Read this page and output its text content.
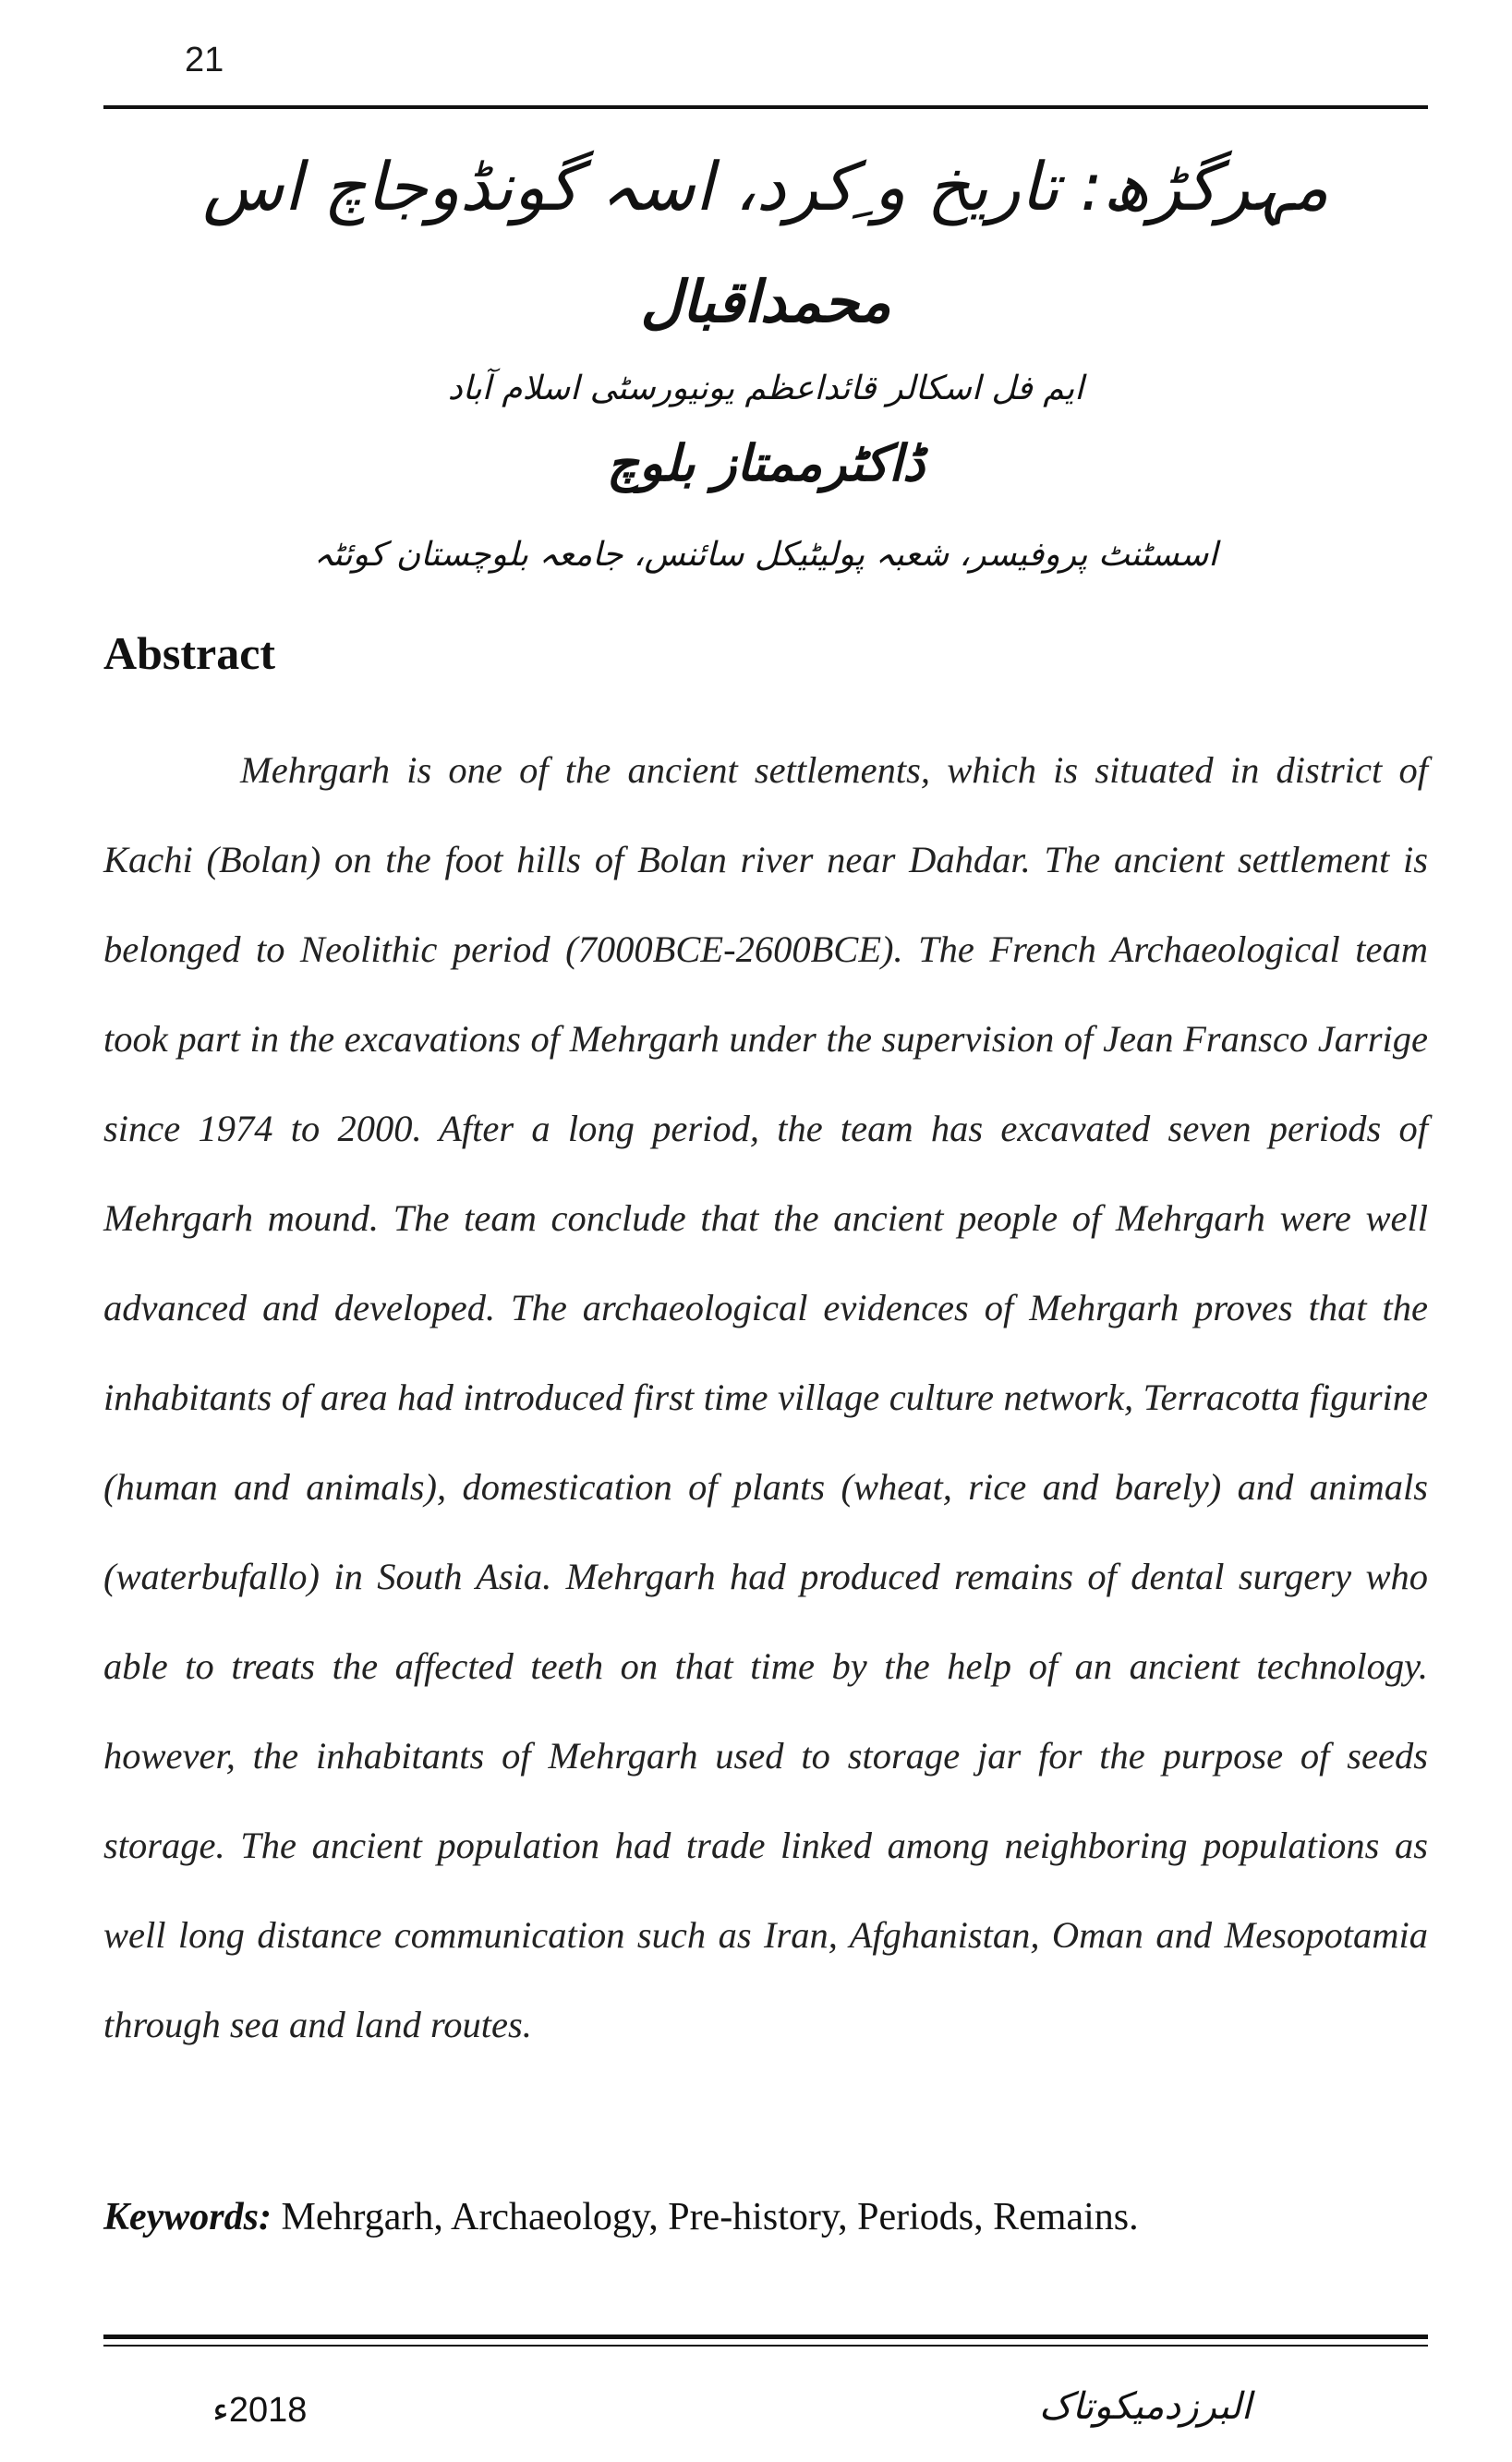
21
مہرگڑھ: تاریخ و ِکرد، اسہ گونڈوجاچ اس
محمداقبال
ایم فل اسکالر قائداعظم یونیورسٹی اسلام آباد
ڈاکٹرممتاز بلوچ
اسسٹنٹ پروفیسر، شعبہ پولیٹیکل سائنس، جامعہ بلوچستان کوئٹہ
Abstract

Mehrgarh is one of the ancient settlements, which is situated in district of Kachi (Bolan) on the foot hills of Bolan river near Dahdar. The ancient settlement is belonged to Neolithic period (7000BCE-2600BCE). The French Archaeological team took part in the excavations of Mehrgarh under the supervision of Jean Fransco Jarrige since 1974 to 2000. After a long period, the team has excavated seven periods of Mehrgarh mound. The team conclude that the ancient people of Mehrgarh were well advanced and developed. The archaeological evidences of Mehrgarh proves that the inhabitants of area had introduced first time village culture network, Terracotta figurine (human and animals), domestication of plants (wheat, rice and barely) and animals (waterbufallo) in South Asia. Mehrgarh had produced remains of dental surgery who able to treats the affected teeth on that time by the help of an ancient technology. however, the inhabitants of Mehrgarh used to storage jar for the purpose of seeds storage. The ancient population had trade linked among neighboring populations as well long distance communication such as Iran, Afghanistan, Oman and Mesopotamia through sea and land routes.

Keywords: Mehrgarh, Archaeology, Pre-history, Periods, Remains.

2018ء	البرزدمیکوتاک
